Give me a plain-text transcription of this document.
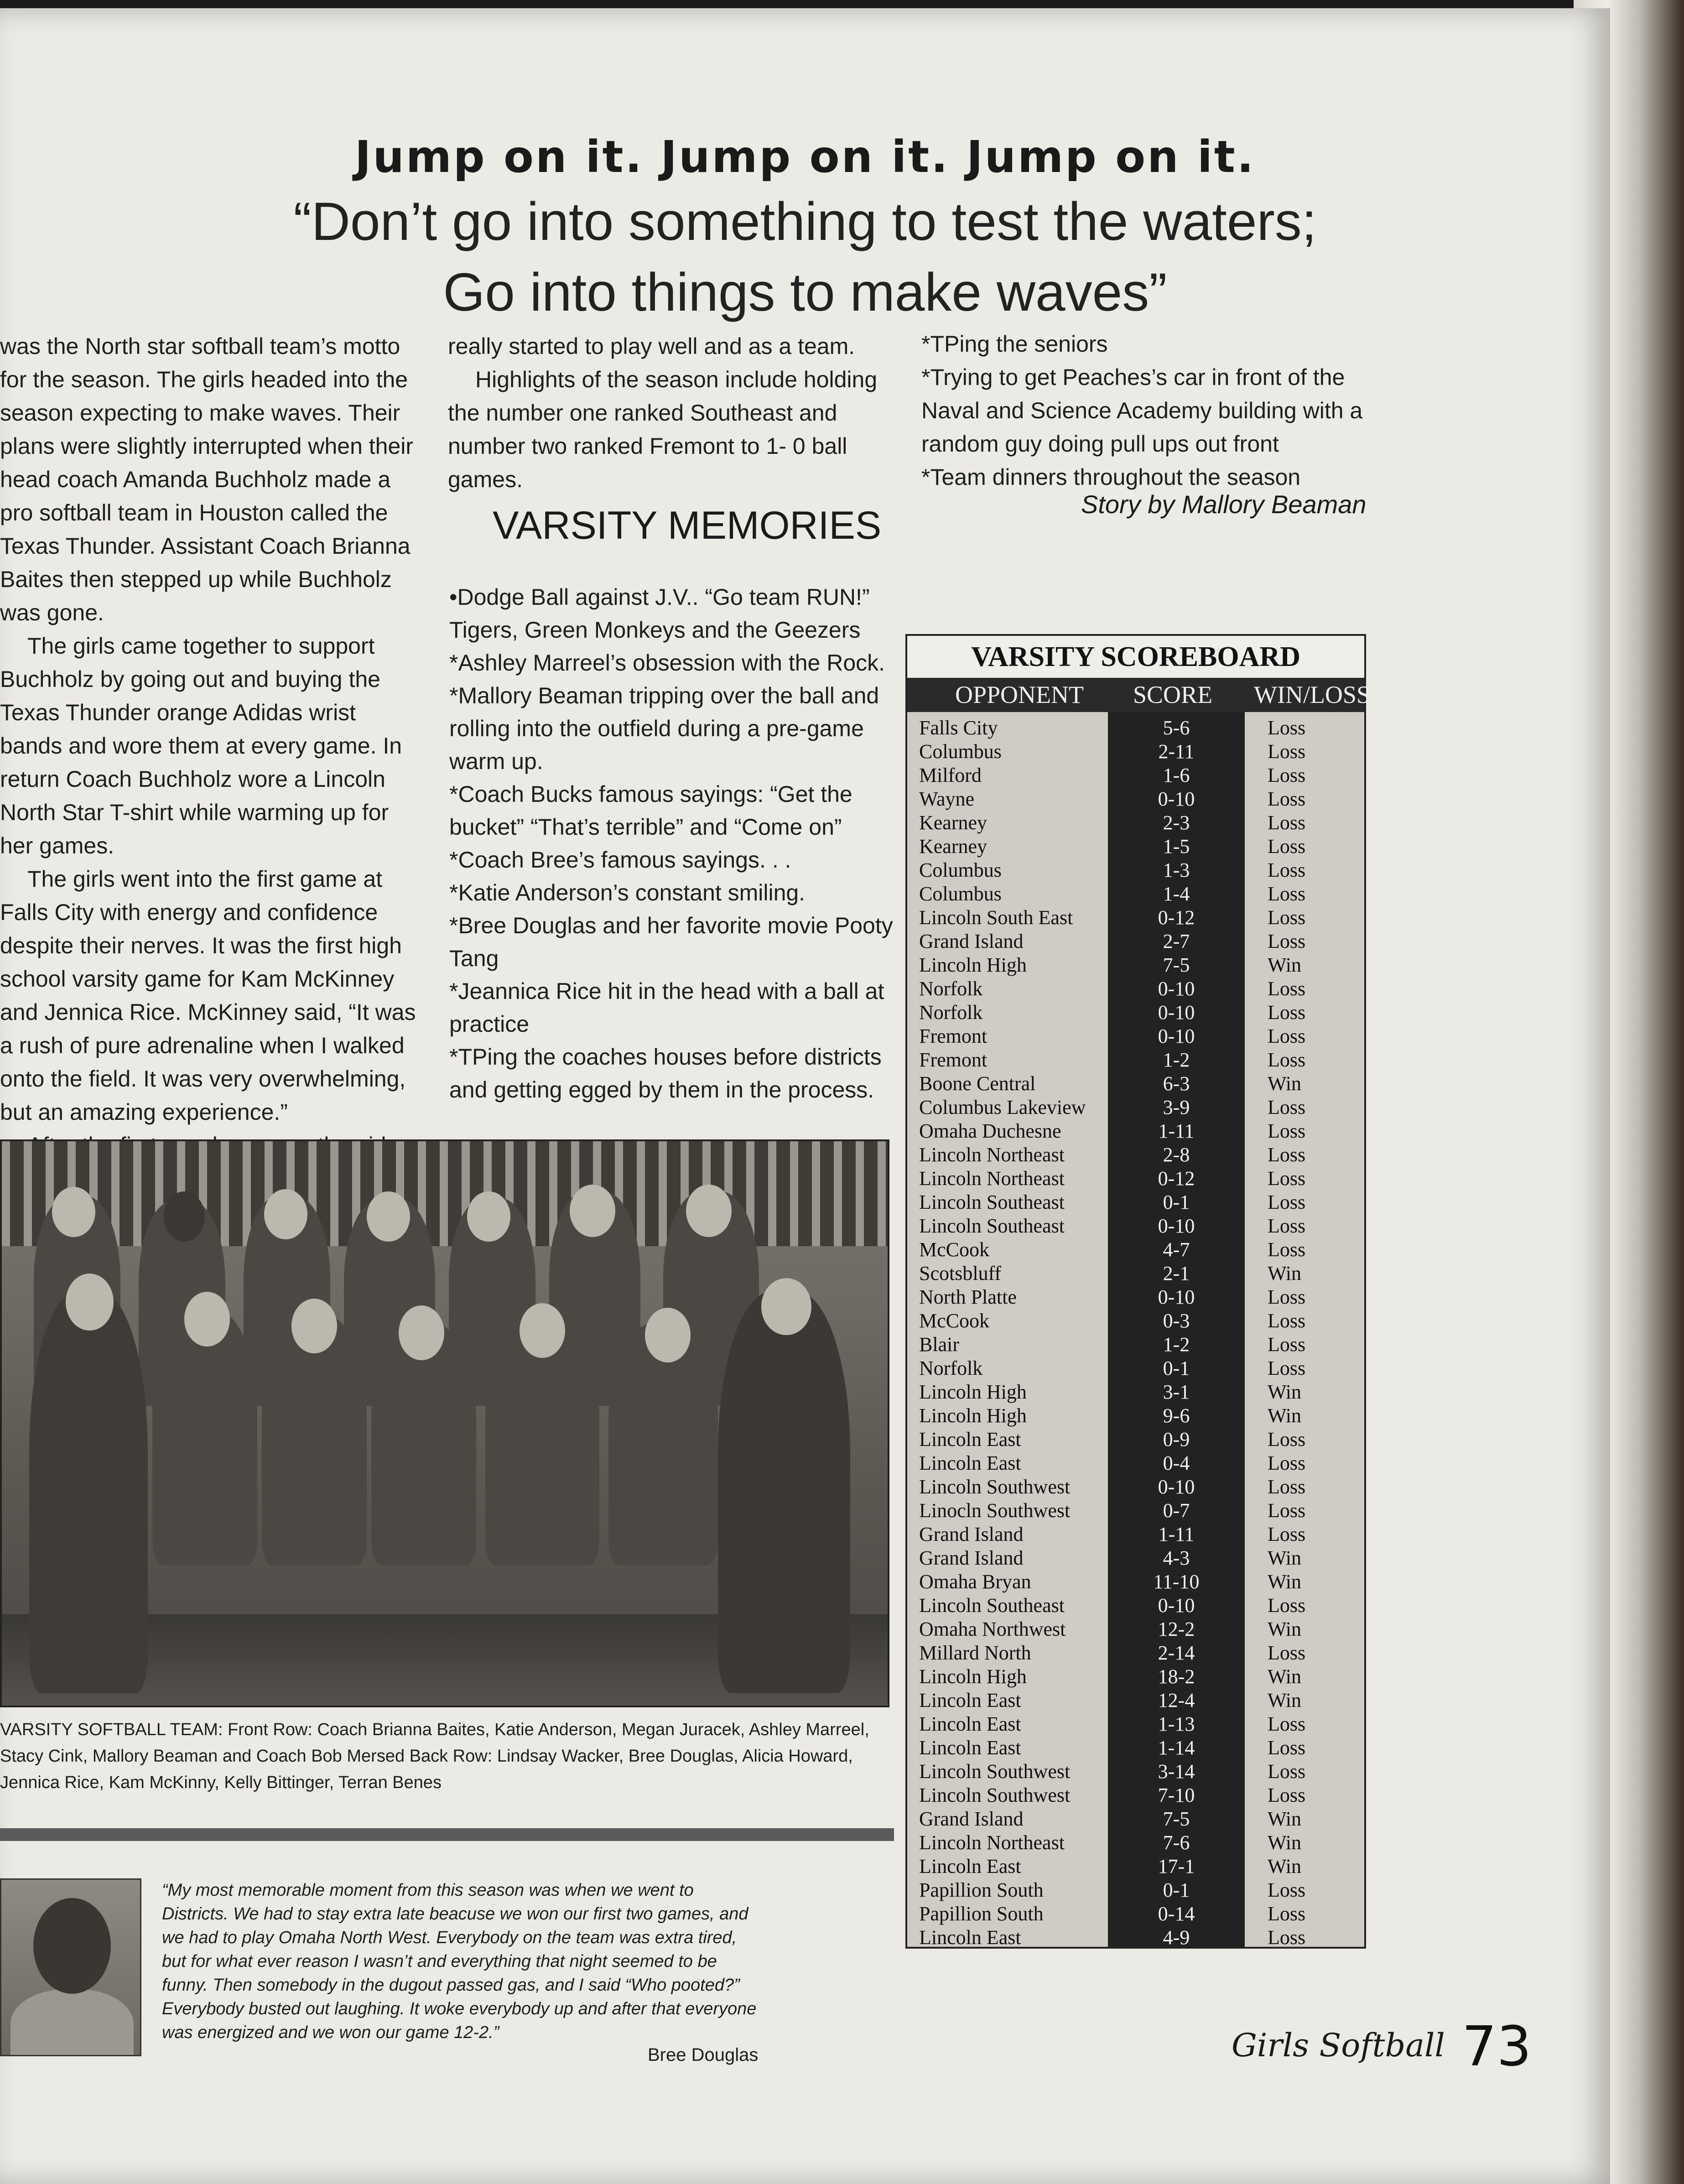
Jump on it. Jump on it. Jump on it.
“Don’t go into something to test the waters;
Go into things to make waves”

was the North star softball team’s motto for the season. The girls headed into the season expecting to make waves. Their plans were slightly interrupted when their head coach Amanda Buchholz made a pro softball team in Houston called the Texas Thunder. Assistant Coach Brianna Baites then stepped up while Buchholz was gone.

The girls came together to support Buchholz by going out and buying the Texas Thunder orange Adidas wrist bands and wore them at every game. In return Coach Buchholz wore a Lincoln North Star T-shirt while warming up for her games.

The girls went into the first game at Falls City with energy and confidence despite their nerves. It was the first high school varsity game for Kam McKinney and Jennica Rice. McKinney said, “It was a rush of pure adrenaline when I walked onto the field. It was very overwhelming, but an amazing experience.”

really started to play well and as a team.

Highlights of the season include holding the number one ranked Southeast and number two ranked Fremont to 1- 0 ball games.

VARSITY MEMORIES
•Dodge Ball against J.V.. “Go team RUN!” Tigers, Green Monkeys and the Geezers
*Ashley Marreel’s obsession with the Rock.
*Mallory Beaman tripping over the ball and rolling into the outfield during a pre-game warm up.
*Coach Bucks famous sayings: “Get the bucket” “That’s terrible” and “Come on”
*Coach Bree’s famous sayings. . .
*Katie Anderson’s constant smiling.
*Bree Douglas and her favorite movie Pooty Tang
*Jeannica Rice hit in the head with a ball at practice
*TPing the coaches houses before districts and getting egged by them in the process.

*TPing the seniors

*Trying to get Peaches’s car in front of the Naval and Science Academy building with a random guy doing pull ups out front

*Team dinners throughout the season

Story by Mallory Beaman
VARSITY SOFTBALL TEAM: Front Row: Coach Brianna Baites, Katie Anderson, Megan Juracek, Ashley Marreel, Stacy Cink, Mallory Beaman and Coach Bob Mersed Back Row: Lindsay Wacker, Bree Douglas, Alicia Howard, Jennica Rice, Kam McKinny, Kelly Bittinger, Terran Benes
“My most memorable moment from this season was when we went to Districts. We had to stay extra late beacuse we won our first two games, and we had to play Omaha North West. Everybody on the team was extra tired, but for what ever reason I wasn’t and everything that night seemed to be funny. Then somebody in the dugout passed gas, and I said “Who pooted?” Everybody busted out laughing. It woke everybody up and after that everyone was energized and we won our game 12-2.”
Bree Douglas
VARSITY SCOREBOARD
OPPONENT SCORE WIN/LOSS
Falls City	5-6	Loss
Columbus	2-11	Loss
Milford	1-6	Loss
Wayne	0-10	Loss
Kearney	2-3	Loss
Kearney	1-5	Loss
Columbus	1-3	Loss
Columbus	1-4	Loss
Lincoln South East	0-12	Loss
Grand Island	2-7	Loss
Lincoln High	7-5	Win
Norfolk	0-10	Loss
Norfolk	0-10	Loss
Fremont	0-10	Loss
Fremont	1-2	Loss
Boone Central	6-3	Win
Columbus Lakeview	3-9	Loss
Omaha Duchesne	1-11	Loss
Lincoln Northeast	2-8	Loss
Lincoln Northeast	0-12	Loss
Lincoln Southeast	0-1	Loss
Lincoln Southeast	0-10	Loss
McCook	4-7	Loss
Scotsbluff	2-1	Win
North Platte	0-10	Loss
McCook	0-3	Loss
Blair	1-2	Loss
Norfolk	0-1	Loss
Lincoln High	3-1	Win
Lincoln High	9-6	Win
Lincoln East	0-9	Loss
Lincoln East	0-4	Loss
Lincoln Southwest	0-10	Loss
Linocln Southwest	0-7	Loss
Grand Island	1-11	Loss
Grand Island	4-3	Win
Omaha Bryan	11-10	Win
Lincoln Southeast	0-10	Loss
Omaha Northwest	12-2	Win
Millard North	2-14	Loss
Lincoln High	18-2	Win
Lincoln East	12-4	Win
Lincoln East	1-13	Loss
Lincoln East	1-14	Loss
Lincoln Southwest	3-14	Loss
Lincoln Southwest	7-10	Loss
Grand Island	7-5	Win
Lincoln Northeast	7-6	Win
Lincoln East	17-1	Win
Papillion South	0-1	Loss
Papillion South	0-14	Loss
Lincoln East	4-9	Loss
Girls Softball 73
